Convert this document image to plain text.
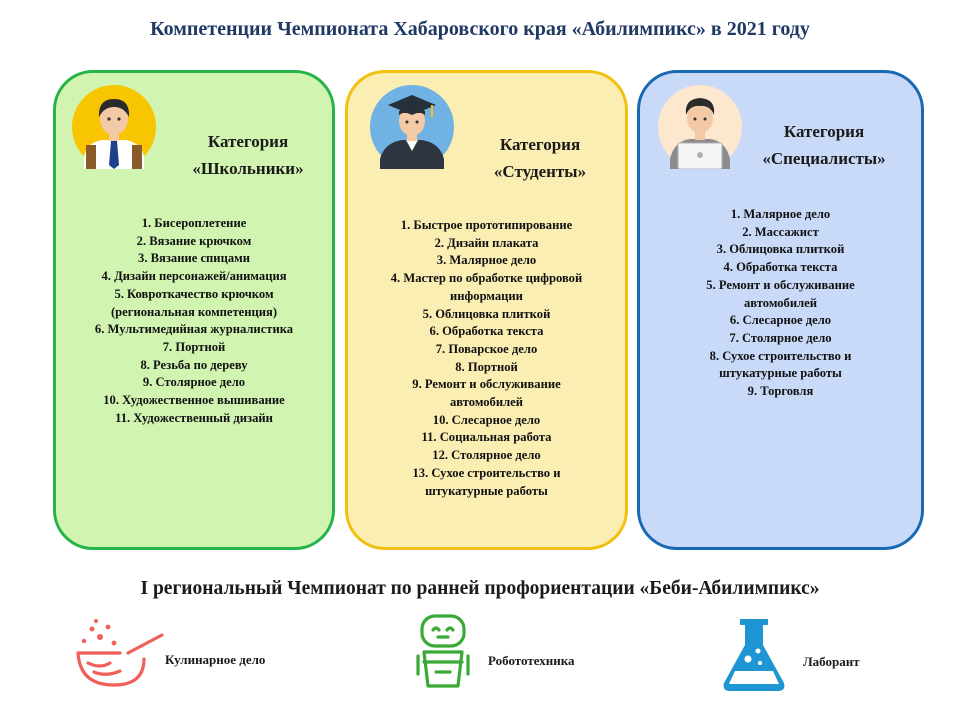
Компетенции Чемпионата Хабаровского края «Абилимпикс» в 2021 году
Категория
«Школьники»
1. Бисероплетение
2. Вязание крючком
3. Вязание спицами
4. Дизайн персонажей/анимация
5. Ковроткачество крючком
(региональная компетенция)
6. Мультимедийная журналистика
7. Портной
8. Резьба по дереву
9. Столярное дело
10. Художественное вышивание
11. Художественный дизайн
Категория
«Студенты»
1. Быстрое прототипирование
2. Дизайн плаката
3. Малярное дело
4. Мастер по обработке цифровой
информации
5. Облицовка плиткой
6. Обработка текста
7. Поварское дело
8. Портной
9. Ремонт и обслуживание
автомобилей
10. Слесарное дело
11. Социальная работа
12. Столярное дело
13. Сухое строительство и
штукатурные работы
Категория
«Специалисты»
1. Малярное дело
2. Массажист
3. Облицовка плиткой
4. Обработка текста
5. Ремонт и обслуживание
автомобилей
6. Слесарное дело
7. Столярное дело
8. Сухое строительство и
штукатурные работы
9. Торговля
I региональный Чемпионат по ранней профориентации «Беби-Абилимпикс»
Кулинарное дело	Робототехника	Лаборант
